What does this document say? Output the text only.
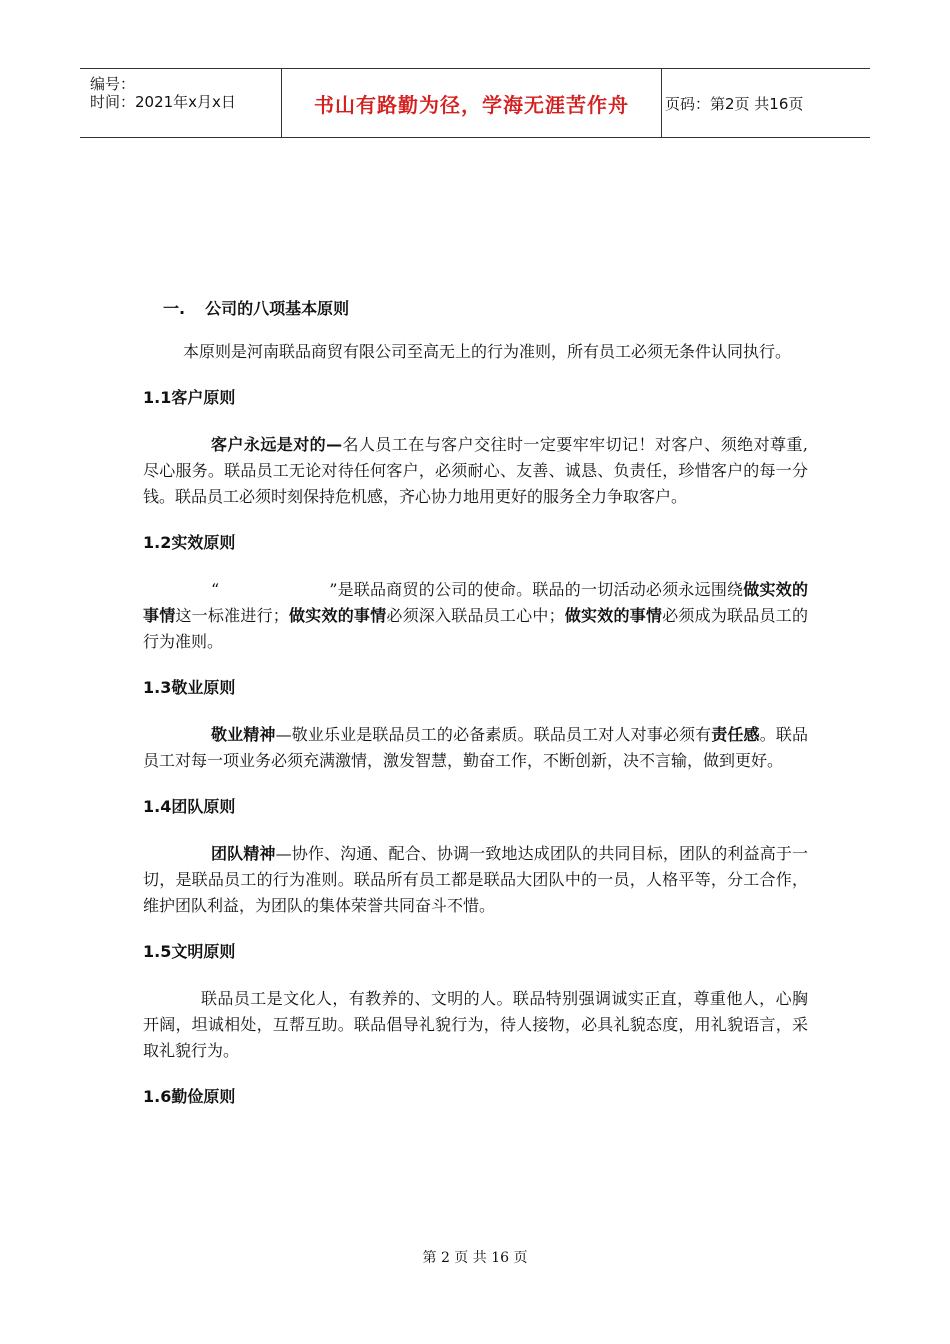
编号：
时间：2021年x月x日	书山有路勤为径，学海无涯苦作舟 页码：第2页 共16页

一. 公司的八项基本原则

本原则是河南联品商贸有限公司至高无上的行为准则，所有员工必须无条件认同执行。

1.1客户原则

客户永远是对的—名人员工在与客户交往时一定要牢牢切记！对客户、须绝对尊重,尽心服务。联品员工无论对待任何客户，必须耐心、友善、诚恳、负责任，珍惜客户的每一分钱。联品员工必须时刻保持危机感，齐心协力地用更好的服务全力争取客户。

1.2实效原则

“	”是联品商贸的公司的使命。联品的一切活动必须永远围绕做实效的事情这一标准进行；做实效的事情必须深入联品员工心中；做实效的事情必须成为联品员工的行为准则。

1.3敬业原则

敬业精神—敬业乐业是联品员工的必备素质。联品员工对人对事必须有责任感。联品员工对每一项业务必须充满激情，激发智慧，勤奋工作，不断创新，决不言输，做到更好。

1.4团队原则

团队精神—协作、沟通、配合、协调一致地达成团队的共同目标，团队的利益高于一切，是联品员工的行为准则。联品所有员工都是联品大团队中的一员，人格平等，分工合作，维护团队利益，为团队的集体荣誉共同奋斗不惜。

1.5文明原则

联品员工是文化人，有教养的、文明的人。联品特别强调诚实正直，尊重他人，心胸开阔，坦诚相处，互帮互助。联品倡导礼貌行为，待人接物，必具礼貌态度，用礼貌语言，采取礼貌行为。

1.6勤俭原则

第 2 页 共 16 页
